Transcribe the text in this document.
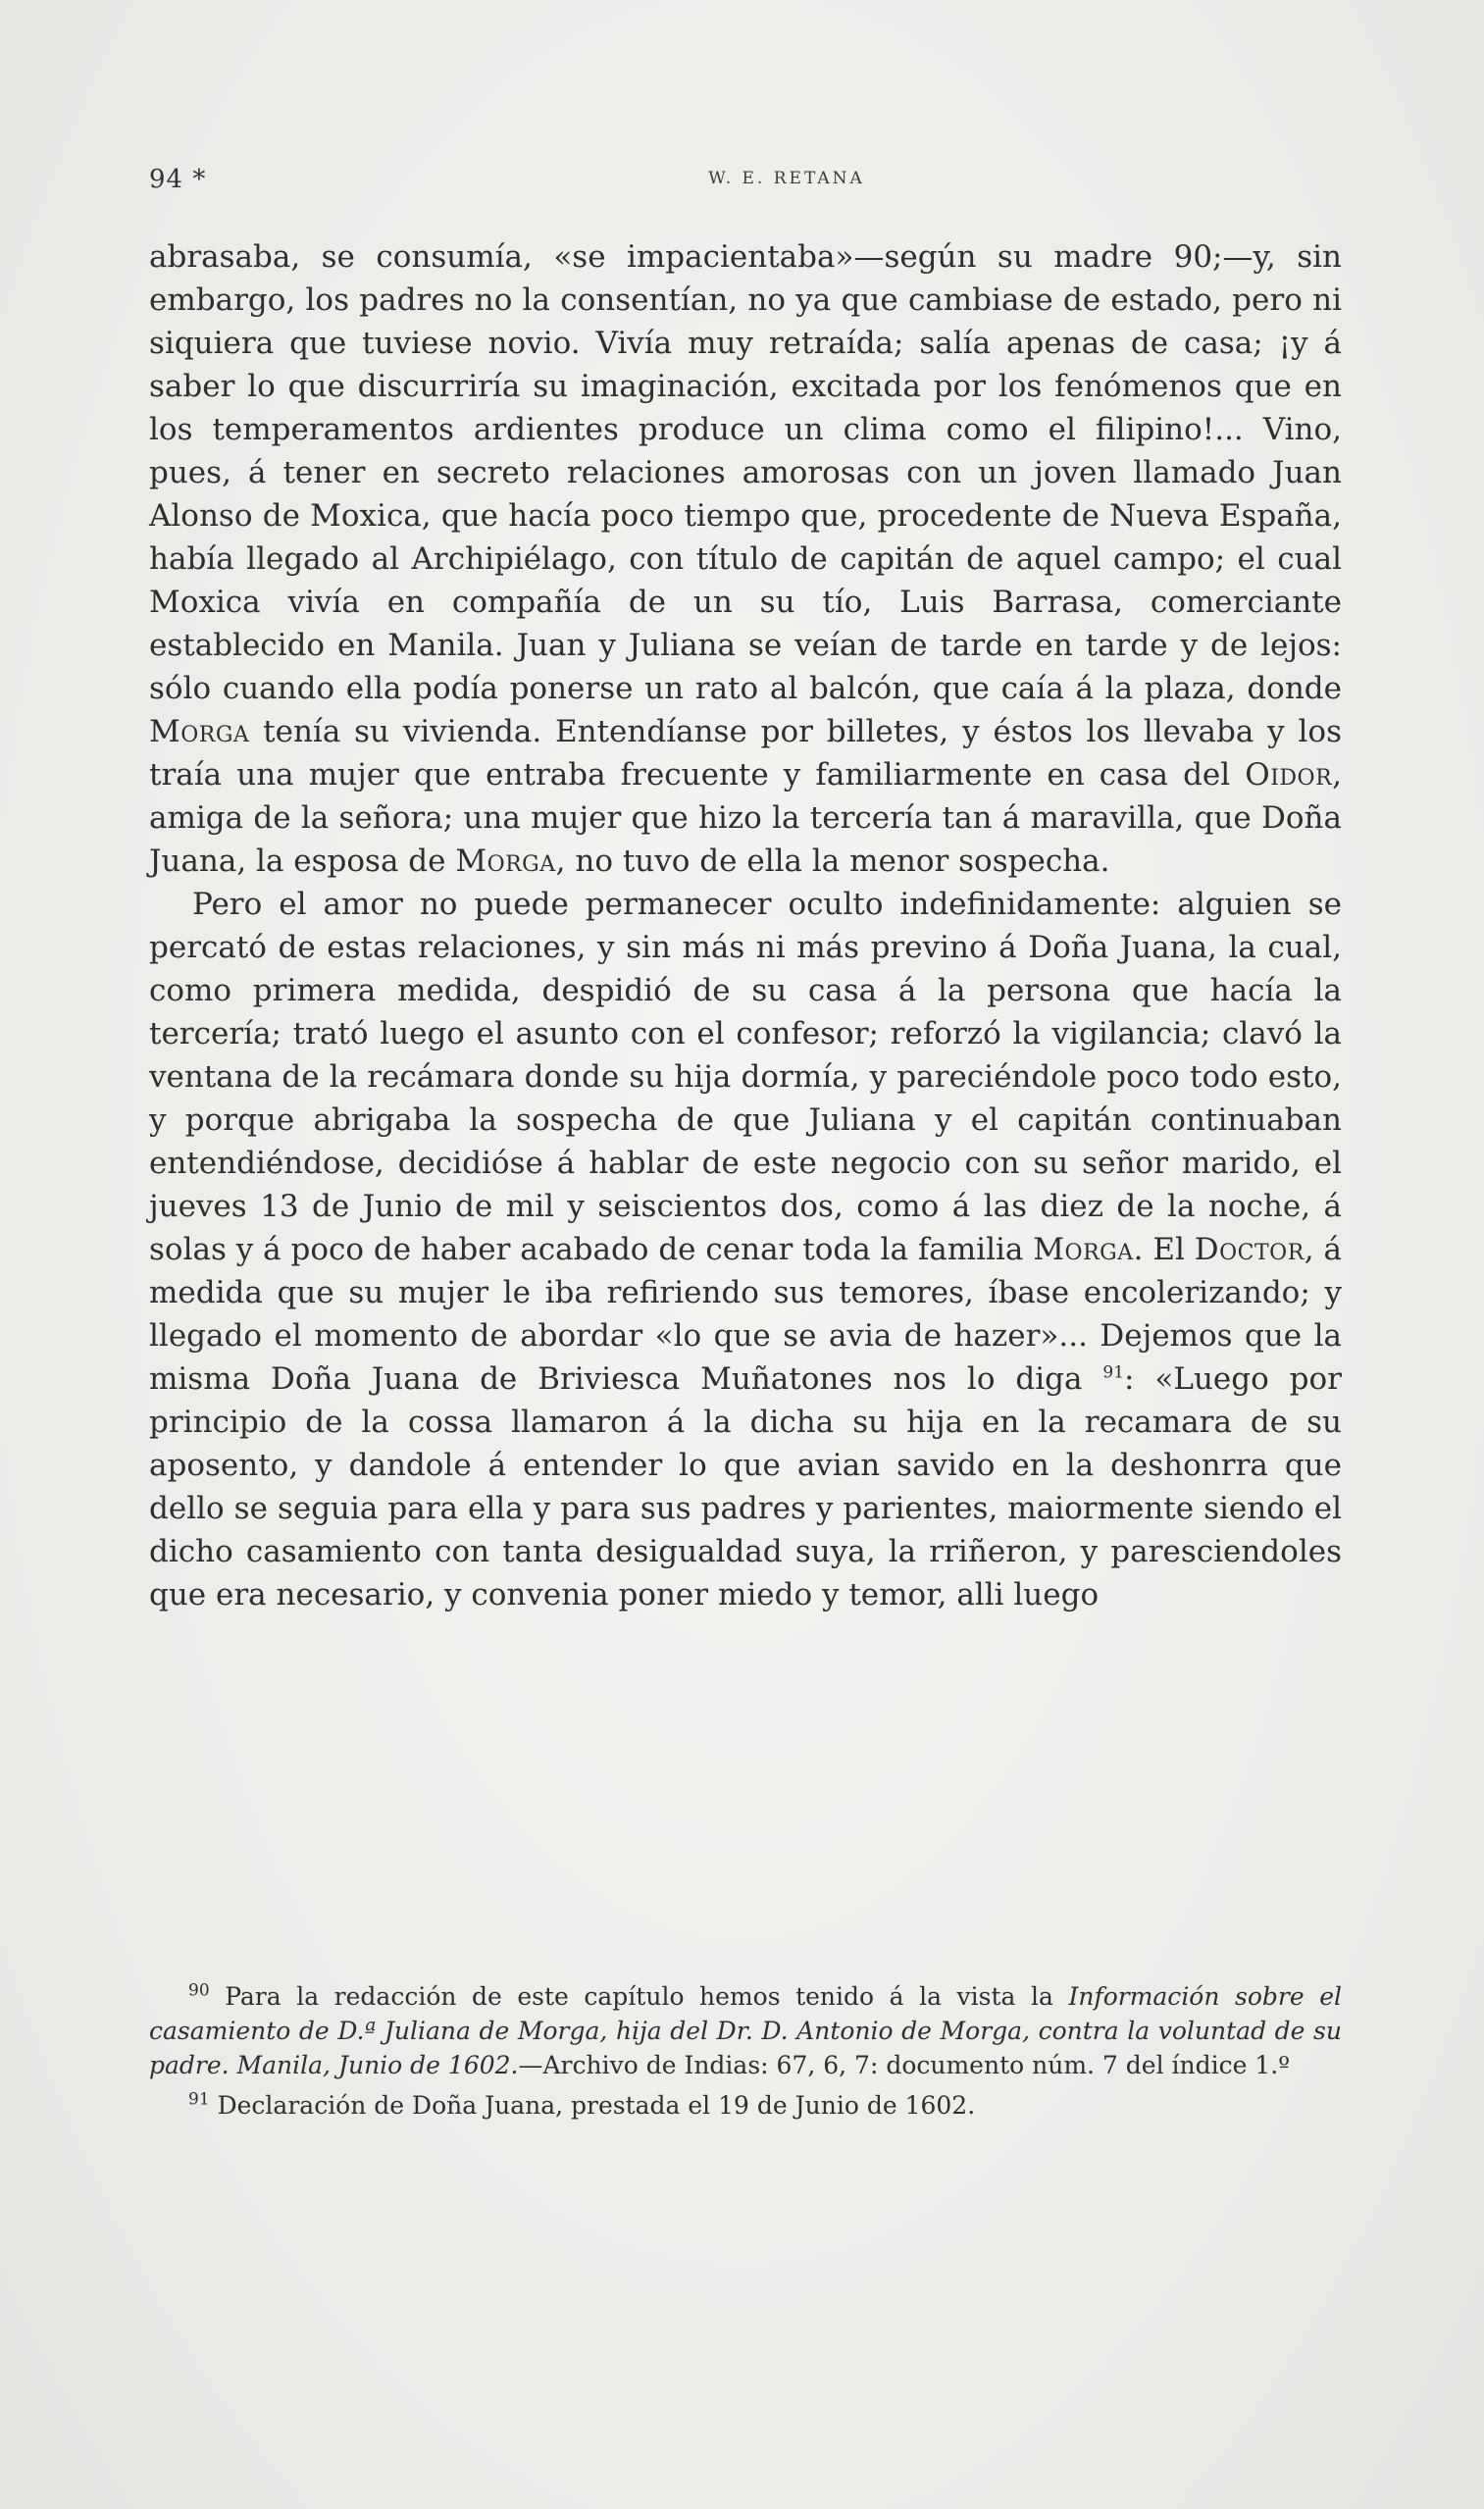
94 *	W. E. RETANA

abrasaba, se consumía, «se impacientaba»—según su madre 90;—y, sin embargo, los padres no la consentían, no ya que cambiase de estado, pero ni siquiera que tuviese novio. Vivía muy retraída; salía apenas de casa; ¡y á saber lo que discurriría su imaginación, excitada por los fenómenos que en los temperamentos ardientes produce un clima como el filipino!... Vino, pues, á tener en secreto relaciones amorosas con un joven llamado Juan Alonso de Moxica, que hacía poco tiempo que, procedente de Nueva España, había llegado al Archipiélago, con título de capitán de aquel campo; el cual Moxica vivía en compañía de un su tío, Luis Barrasa, comerciante establecido en Manila. Juan y Juliana se veían de tarde en tarde y de lejos: sólo cuando ella podía ponerse un rato al balcón, que caía á la plaza, donde Morga tenía su vivienda. Entendíanse por billetes, y éstos los llevaba y los traía una mujer que entraba frecuente y familiarmente en casa del Oidor, amiga de la señora; una mujer que hizo la tercería tan á maravilla, que Doña Juana, la esposa de Morga, no tuvo de ella la menor sospecha.

Pero el amor no puede permanecer oculto indefinidamente: alguien se percató de estas relaciones, y sin más ni más previno á Doña Juana, la cual, como primera medida, despidió de su casa á la persona que hacía la tercería; trató luego el asunto con el confesor; reforzó la vigilancia; clavó la ventana de la recámara donde su hija dormía, y pareciéndole poco todo esto, y porque abrigaba la sospecha de que Juliana y el capitán continuaban entendiéndose, decidióse á hablar de este negocio con su señor marido, el jueves 13 de Junio de mil y seiscientos dos, como á las diez de la noche, á solas y á poco de haber acabado de cenar toda la familia Morga. El Doctor, á medida que su mujer le iba refiriendo sus temores, íbase encolerizando; y llegado el momento de abordar «lo que se avia de hazer»... Dejemos que la misma Doña Juana de Briviesca Muñatones nos lo diga $^{91}$: «Luego por principio de la cossa llamaron á la dicha su hija en la recamara de su aposento, y dandole á entender lo que avian savido en la deshonrra que dello se seguia para ella y para sus padres y parientes, maiormente siendo el dicho casamiento con tanta desigualdad suya, la rriñeron, y paresciendoles que era necesario, y convenia poner miedo y temor, alli luego

$^{90}$ Para la redacción de este capítulo hemos tenido á la vista la Información sobre el casamiento de D.ª Juliana de Morga, hija del Dr. D. Antonio de Morga, contra la voluntad de su padre. Manila, Junio de 1602.—Archivo de Indias: 67, 6, 7: documento núm. 7 del índice 1.º

$^{91}$ Declaración de Doña Juana, prestada el 19 de Junio de 1602.
